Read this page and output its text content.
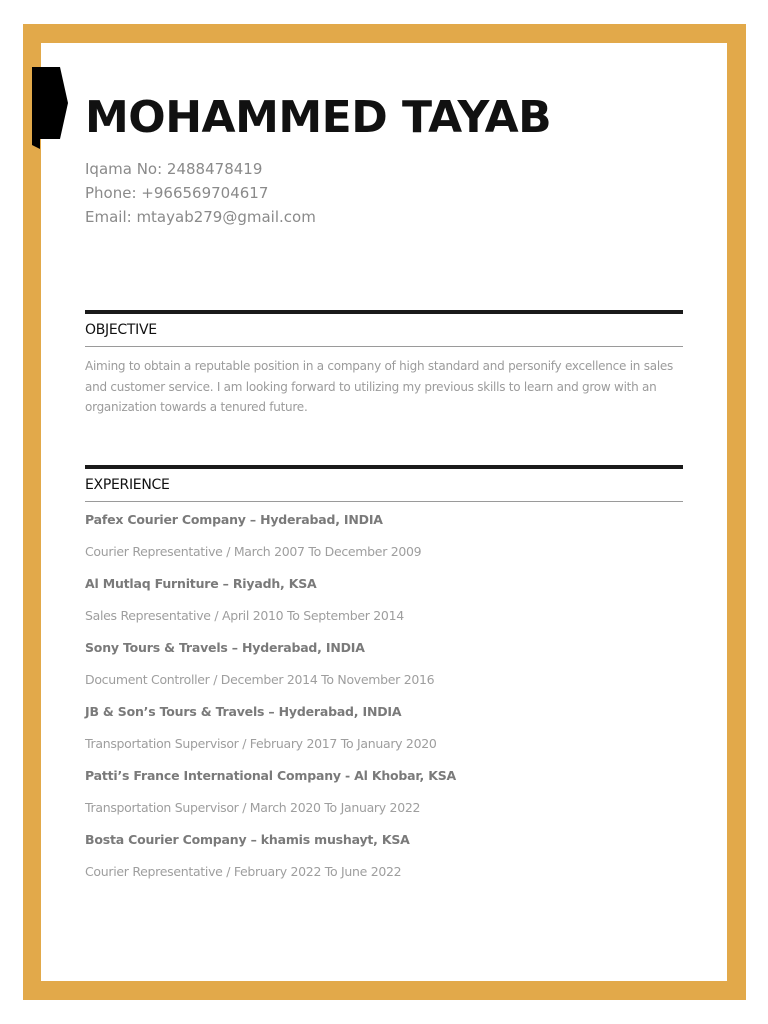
MOHAMMED TAYAB
Iqama No: 2488478419
Phone: +966569704617
Email: mtayab279@gmail.com
OBJECTIVE
Aiming to obtain a reputable position in a company of high standard and personify excellence in sales and customer service. I am looking forward to utilizing my previous skills to learn and grow with an organization towards a tenured future.
EXPERIENCE
Pafex Courier Company – Hyderabad, INDIA
Courier Representative / March 2007 To December 2009
Al Mutlaq Furniture – Riyadh, KSA
Sales Representative / April 2010 To September 2014
Sony Tours & Travels – Hyderabad, INDIA
Document Controller / December 2014 To November 2016
JB & Son’s Tours & Travels – Hyderabad, INDIA
Transportation Supervisor / February 2017 To January 2020
Patti’s France International Company - Al Khobar, KSA
Transportation Supervisor / March 2020 To January 2022
Bosta Courier Company – khamis mushayt, KSA
Courier Representative / February 2022 To June 2022
